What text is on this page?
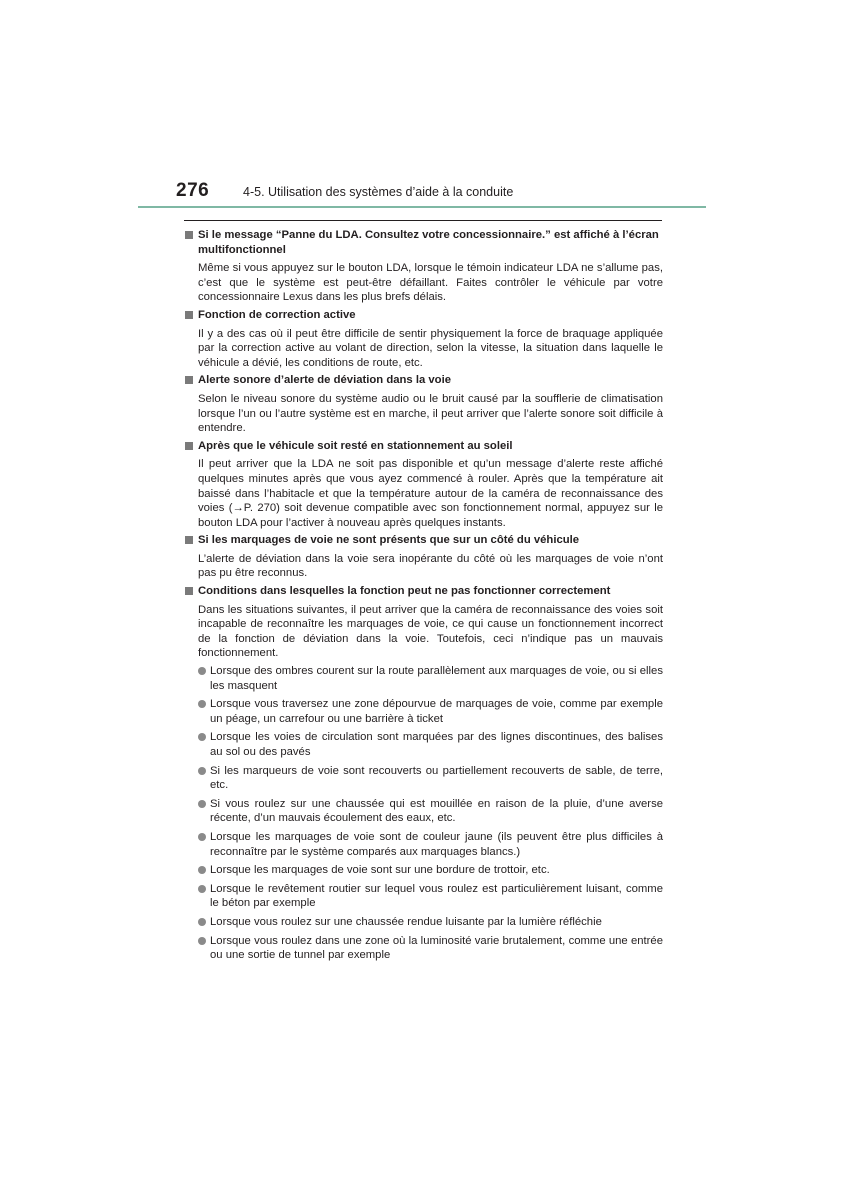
276	4-5. Utilisation des systèmes d’aide à la conduite
Si le message “Panne du LDA. Consultez votre concessionnaire.” est affiché à l’écran multifonctionnel
Même si vous appuyez sur le bouton LDA, lorsque le témoin indicateur LDA ne s’allume pas, c’est que le système est peut-être défaillant. Faites contrôler le véhicule par votre concessionnaire Lexus dans les plus brefs délais.
Fonction de correction active
Il y a des cas où il peut être difficile de sentir physiquement la force de braquage appliquée par la correction active au volant de direction, selon la vitesse, la situation dans laquelle le véhicule a dévié, les conditions de route, etc.
Alerte sonore d’alerte de déviation dans la voie
Selon le niveau sonore du système audio ou le bruit causé par la soufflerie de climatisation lorsque l’un ou l’autre système est en marche, il peut arriver que l’alerte sonore soit difficile à entendre.
Après que le véhicule soit resté en stationnement au soleil
Il peut arriver que la LDA ne soit pas disponible et qu’un message d’alerte reste affiché quelques minutes après que vous ayez commencé à rouler. Après que la température ait baissé dans l’habitacle et que la température autour de la caméra de reconnaissance des voies (→P. 270) soit devenue compatible avec son fonctionnement normal, appuyez sur le bouton LDA pour l’activer à nouveau après quelques instants.
Si les marquages de voie ne sont présents que sur un côté du véhicule
L’alerte de déviation dans la voie sera inopérante du côté où les marquages de voie n’ont pas pu être reconnus.
Conditions dans lesquelles la fonction peut ne pas fonctionner correctement
Dans les situations suivantes, il peut arriver que la caméra de reconnaissance des voies soit incapable de reconnaître les marquages de voie, ce qui cause un fonctionnement incorrect de la fonction de déviation dans la voie. Toutefois, ceci n’indique pas un mauvais fonctionnement.
Lorsque des ombres courent sur la route parallèlement aux marquages de voie, ou si elles les masquent
Lorsque vous traversez une zone dépourvue de marquages de voie, comme par exemple un péage, un carrefour ou une barrière à ticket
Lorsque les voies de circulation sont marquées par des lignes discontinues, des balises au sol ou des pavés
Si les marqueurs de voie sont recouverts ou partiellement recouverts de sable, de terre, etc.
Si vous roulez sur une chaussée qui est mouillée en raison de la pluie, d’une averse récente, d’un mauvais écoulement des eaux, etc.
Lorsque les marquages de voie sont de couleur jaune (ils peuvent être plus difficiles à reconnaître par le système comparés aux marquages blancs.)
Lorsque les marquages de voie sont sur une bordure de trottoir, etc.
Lorsque le revêtement routier sur lequel vous roulez est particulièrement luisant, comme le béton par exemple
Lorsque vous roulez sur une chaussée rendue luisante par la lumière réfléchie
Lorsque vous roulez dans une zone où la luminosité varie brutalement, comme une entrée ou une sortie de tunnel par exemple
